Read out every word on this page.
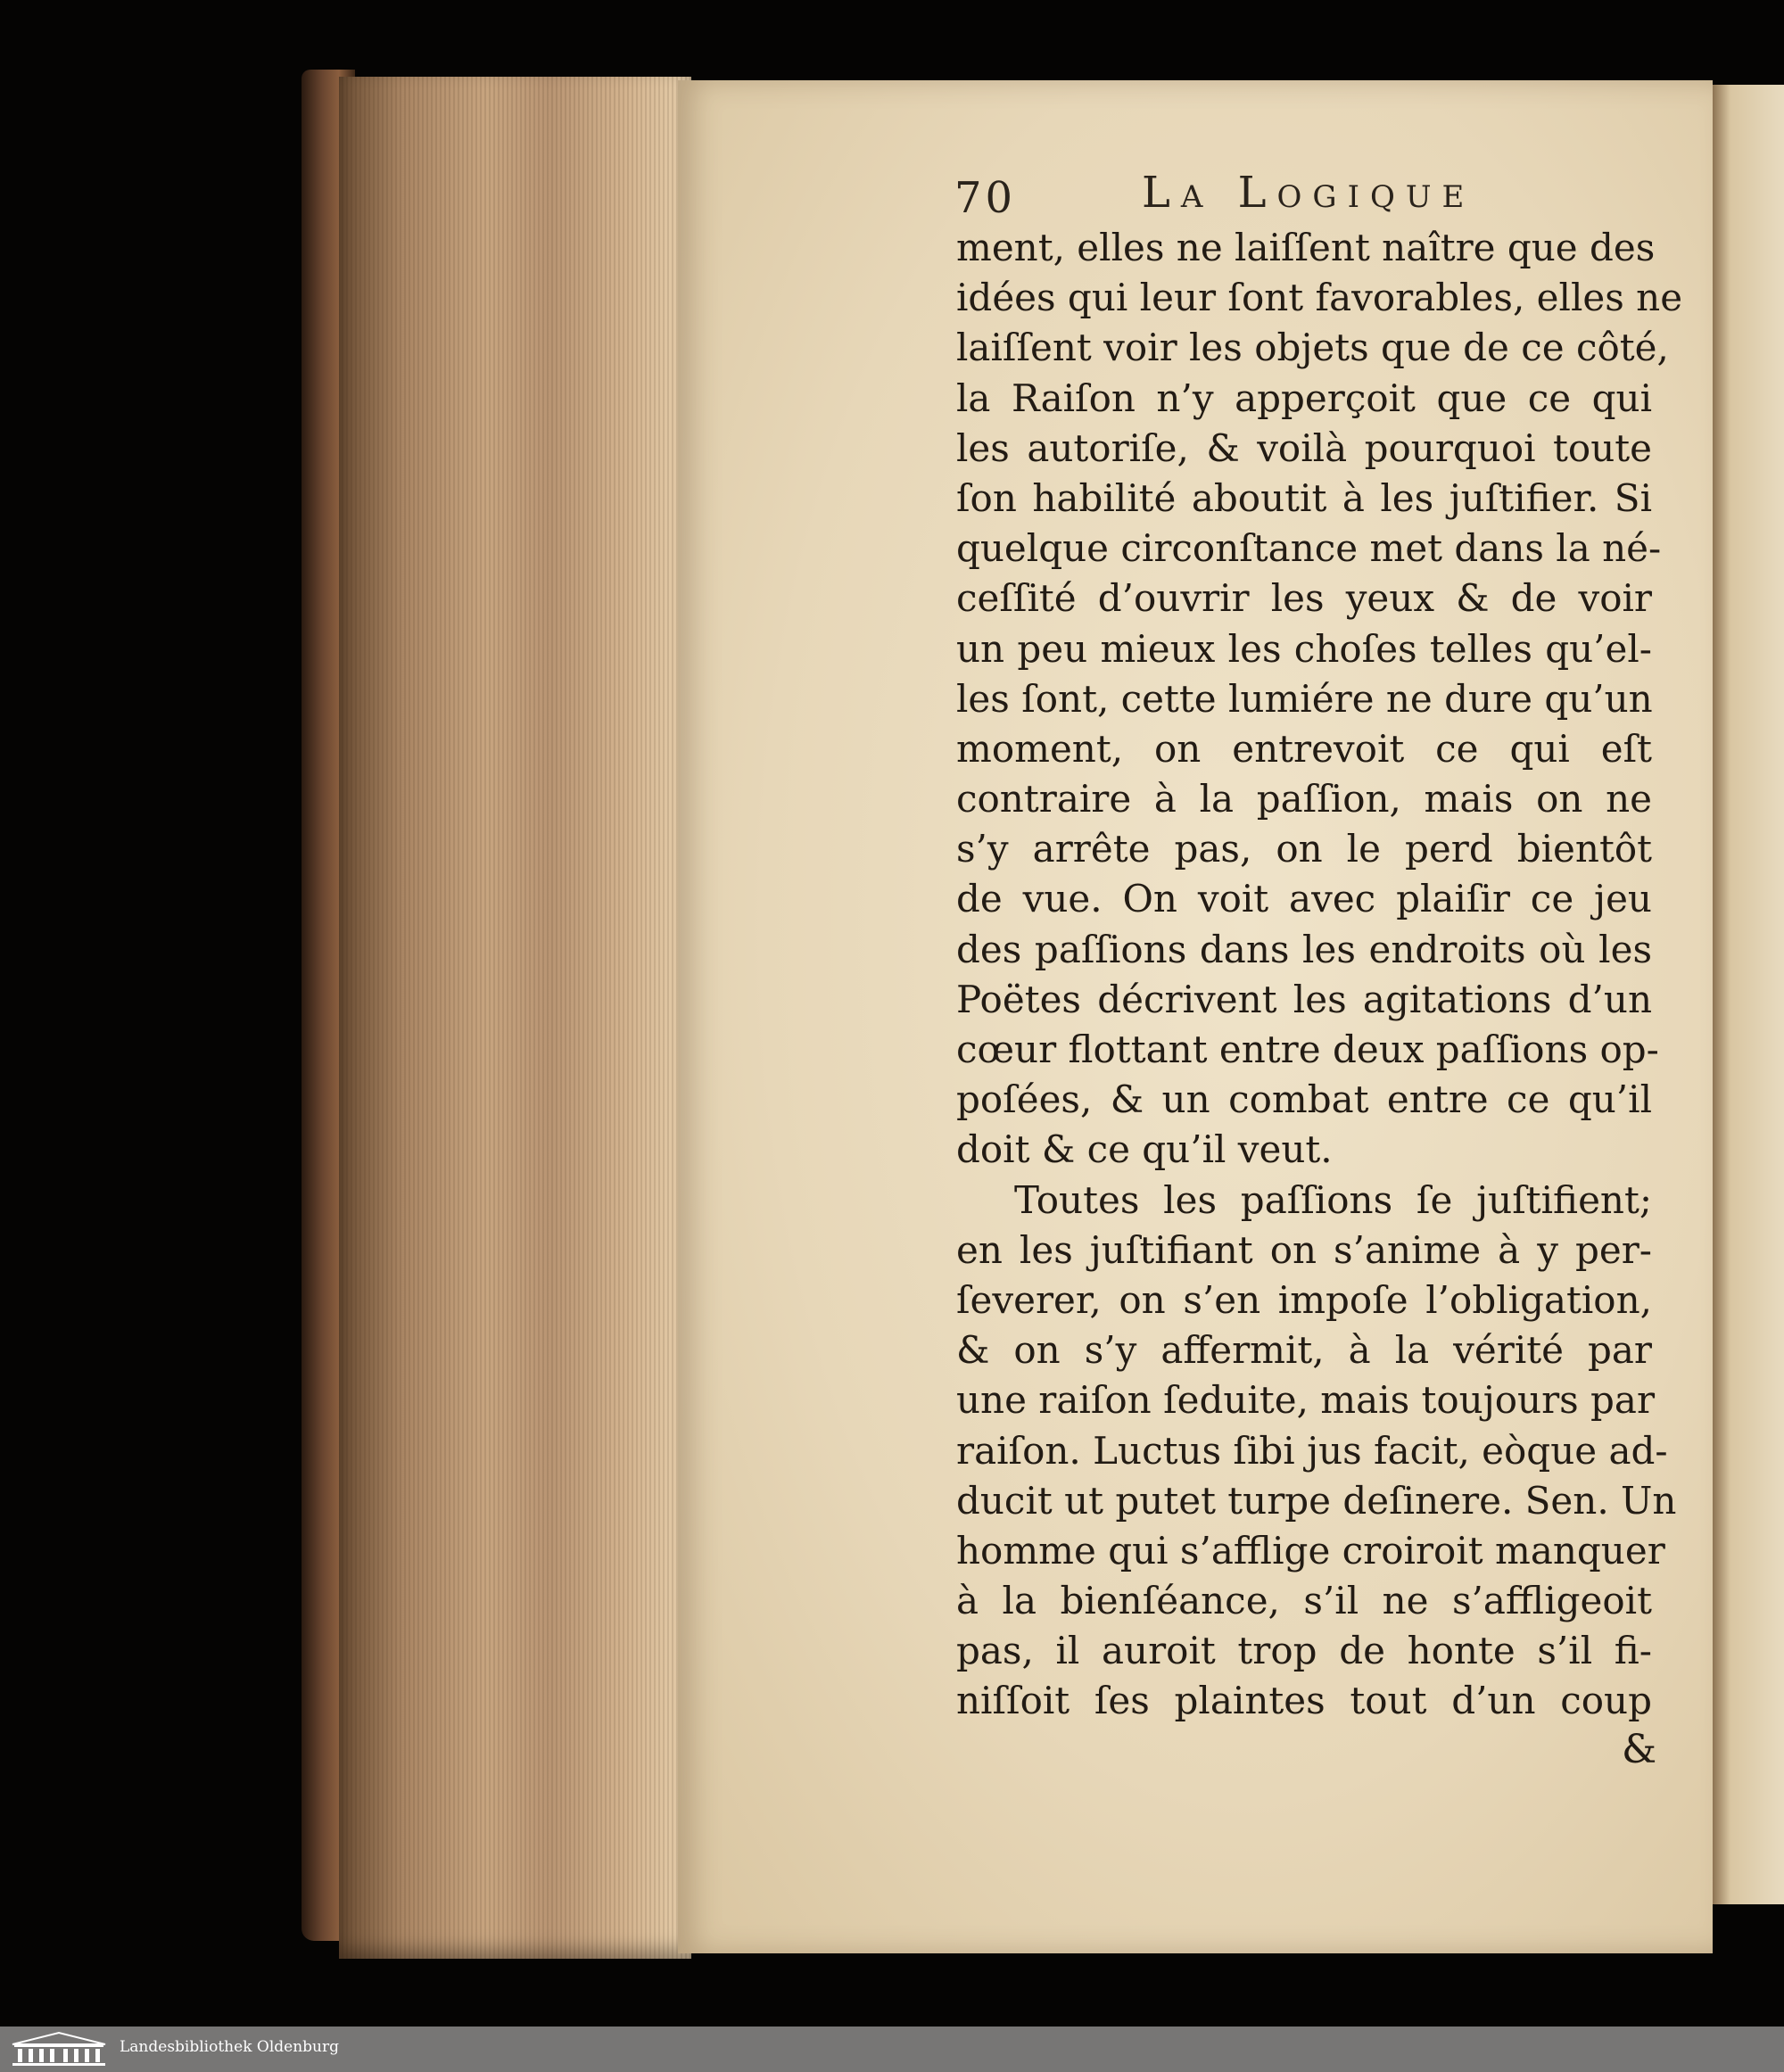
70	La Logique
ment, elles ne laiſſent naître que des
idées qui leur ſont favorables, elles ne
laiſſent voir les objets que de ce côté,
la Raiſon n’y apperçoit que ce qui
les autoriſe, & voilà pourquoi toute
ſon habilité aboutit à les juſtifier. Si
quelque circonſtance met dans la né-
ceſſité d’ouvrir les yeux & de voir
un peu mieux les choſes telles qu’el-
les ſont, cette lumiére ne dure qu’un
moment, on entrevoit ce qui eſt
contraire à la paſſion, mais on ne
s’y arrête pas, on le perd bientôt
de vue. On voit avec plaiſir ce jeu
des paſſions dans les endroits où les
Poëtes décrivent les agitations d’un
cœur flottant entre deux paſſions op-
poſées, & un combat entre ce qu’il
doit & ce qu’il veut.
Toutes les paſſions ſe juſtifient;
en les juſtifiant on s’anime à y per-
ſeverer, on s’en impoſe l’obligation,
& on s’y affermit, à la vérité par
une raiſon ſeduite, mais toujours par
raiſon. Luctus ſibi jus facit, eòque ad-
ducit ut putet turpe deſinere. Sen. Un
homme qui s’afflige croiroit manquer
à la bienſéance, s’il ne s’affligeoit
pas, il auroit trop de honte s’il fi-
niſſoit ſes plaintes tout d’un coup
&
Landesbibliothek Oldenburg
